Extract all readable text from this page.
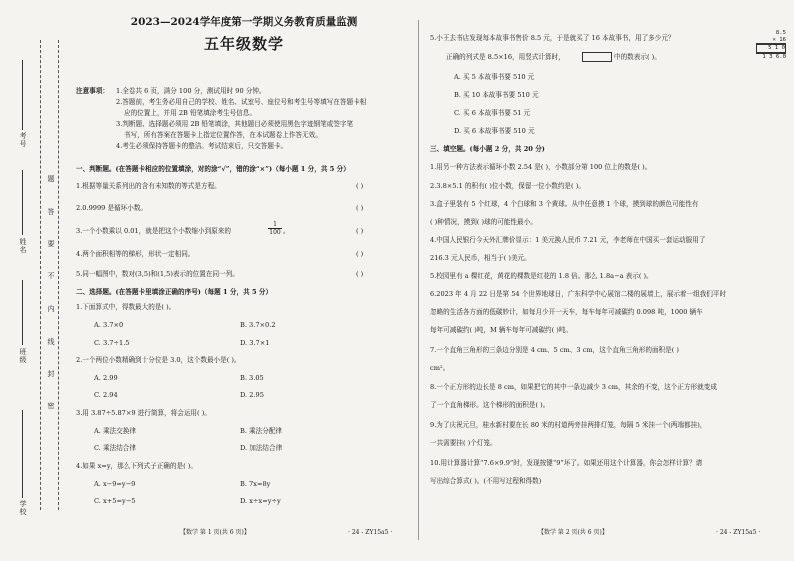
考号
姓名
班级
学校
题
答
要
不
内
线
封
密
2023—2024学年度第一学期义务教育质量监测
五年级数学
注意事项： 1.全卷共 6 页，满分 100 分，测试用时 90 分钟。
2.答题前，考生务必用自己的学校、姓名、试室号、座位号和考生号等填写在答题卡相
应的位置上，并用 2B 铅笔填涂考生号信息。
3.判断题、选择题必须用 2B 铅笔填涂，其他题目必须使用黑色字迹钢笔或签字笔
书写，所有答案在答题卡上指定位置作答，在本试题卷上作答无效。
4.考生必须保持答题卡的整洁。考试结束后，只交答题卡。
一、判断题。(在答题卡相应的位置填涂，对的涂“√”，错的涂“×”)（每小题 1 分，共 5 分）
1.根据等量关系列出的含有未知数的等式是方程。	( )
2.0.9999 是循环小数。	( )
3.一个小数乘以 0.01，就是把这个小数缩小到原来的	$\frac{1}{100}$ 。	( )
4.两个面积相等的梯形，形状一定相同。	( )
5.同一幅图中，数对(3,5)和(1,5)表示的位置在同一列。	( )
二、选择题。(在答题卡里填涂正确的序号)（每题 1 分，共 5 分）
1.下面算式中，得数最大的是( )。
A. 3.7×0	B. 3.7×0.2
C. 3.7÷1.5	D. 3.7×1
2.一个两位小数精确到十分位是 3.0，这个数最小是( )。
A. 2.99	B. 3.05
C. 2.94	D. 2.95
3.用 3.87÷5.87×9 进行简算，将会运用( )。
A. 乘法交换律	B. 乘法分配律
C. 乘法结合律	D. 加法结合律
4.如果 x=y，那么下列式子正确的是( )。
A. x−9=y−9	B. 7x=8y
C. x+5=y−5	D. x÷x=y÷y
【数学 第 1 页(共 6 页)】	· 24 - ZY15a5 ·
5.小王去书店发现每本故事书售价 8.5 元，于是就买了 16 本故事书，用了多少元？
正确的列式是 8.5×16，用竖式计算时，	中的数表示( )。
8.5
× 16
5 1 0
1 3 6.0
A. 买 5 本故事书要 510 元
B. 买 10 本故事书要 510 元
C. 买 6 本故事书要 51 元
D. 买 6 本故事书要 510 元
三、填空题。(每小题 2 分，共 20 分)
1.用另一种方法表示循环小数 2.54 是( )，小数部分第 100 位上的数是( )。
2.3.8×5.1 的积有( )位小数，保留一位小数约是( )。
3.盒子里装有 5 个红球，4 个白球和 3 个黄球。从中任意摸 1 个球，摸到球的颜色可能性有
( )种情况，摸到( )球的可能性最小。
4.中国人民银行今天外汇牌价显示：1 美元换人民币 7.21 元，李老师在中国买一套运动服用了
216.3 元人民币，相当于( )美元。
5.校园里有 a 棵红花，黄花的棵数是红花的 1.8 倍。那么 1.8a−a 表示( )。
6.2023 年 4 月 22 日是第 54 个世界地球日，广东科学中心展馆二楼的展墙上，展示着一组我们平时
忽略的生活各方面的低碳妙计，如每月少开一天车，每车每年可减碳约 0.098 吨，1000 辆车
每年可减碳约( )吨，M 辆车每年可减碳约( )吨。
7.一个直角三角形的三条边分别是 4 cm、5 cm、3 cm，这个直角三角形的面积是( )
cm²。
8.一个正方形的边长是 8 cm，如果把它的其中一条边减少 3 cm，其余的不变，这个正方形就变成
了一个直角梯形。这个梯形的面积是( )。
9.为了庆祝元旦，桂水新村要在长 80 米的村道两旁挂两排灯笼，每隔 5 米挂一个(两端都挂)，
一共需要挂( )个灯笼。
10.用计算器计算“7.6×9.9”时，发现按键“9”坏了。如果还用这个计算器，你会怎样计算？请
写出综合算式( )。(不用写过程和得数)
【数学 第 2 页(共 6 页)】	· 24 - ZY15a5 ·
